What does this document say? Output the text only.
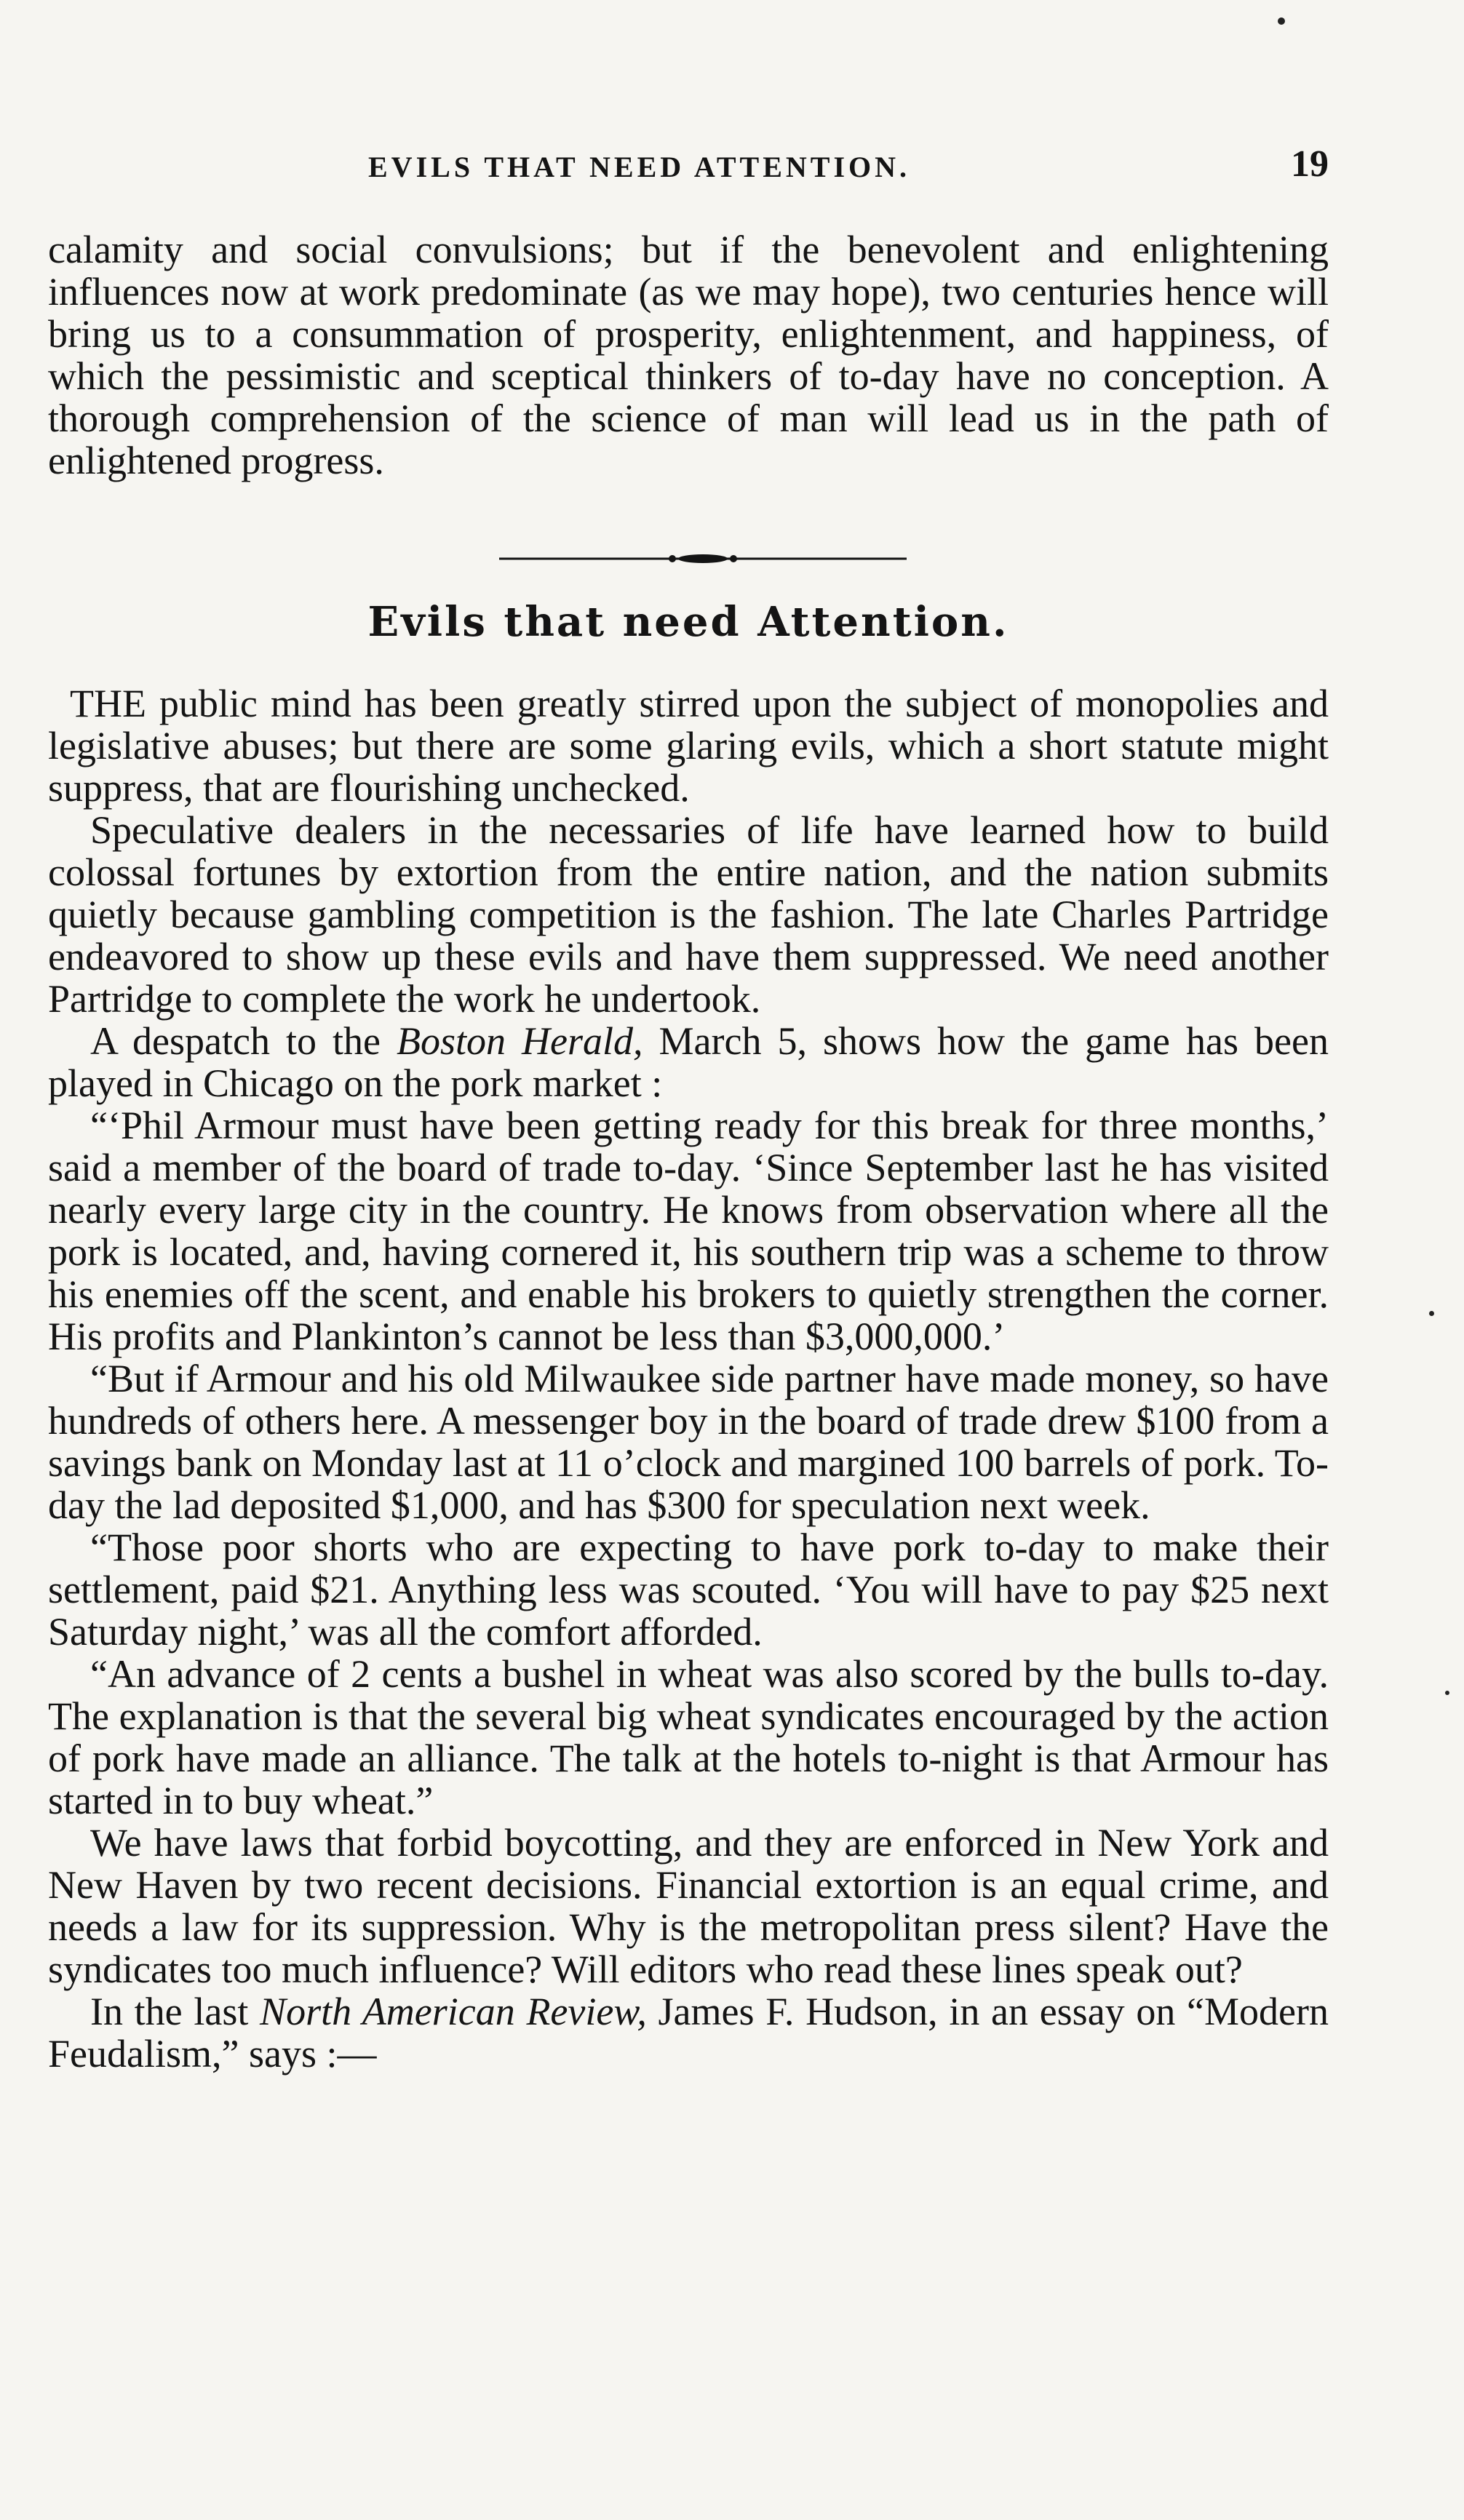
EVILS THAT NEED ATTENTION.	19

calamity and social convulsions; but if the benevolent and enlightening influences now at work predominate (as we may hope), two centuries hence will bring us to a consummation of prosperity, enlightenment, and happiness, of which the pessimistic and sceptical thinkers of to-day have no conception. A thorough comprehension of the science of man will lead us in the path of enlightened progress.

Evils that need Attention.

THE public mind has been greatly stirred upon the subject of monopolies and legislative abuses; but there are some glaring evils, which a short statute might suppress, that are flourishing unchecked.

Speculative dealers in the necessaries of life have learned how to build colossal fortunes by extortion from the entire nation, and the nation submits quietly because gambling competition is the fashion. The late Charles Partridge endeavored to show up these evils and have them suppressed. We need another Partridge to complete the work he undertook.

A despatch to the Boston Herald, March 5, shows how the game has been played in Chicago on the pork market :

“‘Phil Armour must have been getting ready for this break for three months,’ said a member of the board of trade to-day. ‘Since September last he has visited nearly every large city in the country. He knows from observation where all the pork is located, and, having cornered it, his southern trip was a scheme to throw his enemies off the scent, and enable his brokers to quietly strengthen the corner. His profits and Plankinton’s cannot be less than $3,000,000.’

“But if Armour and his old Milwaukee side partner have made money, so have hundreds of others here. A messenger boy in the board of trade drew $100 from a savings bank on Monday last at 11 o’clock and margined 100 barrels of pork. To-day the lad deposited $1,000, and has $300 for speculation next week.

“Those poor shorts who are expecting to have pork to-day to make their settlement, paid $21. Anything less was scouted. ‘You will have to pay $25 next Saturday night,’ was all the comfort afforded.

“An advance of 2 cents a bushel in wheat was also scored by the bulls to-day. The explanation is that the several big wheat syndicates encouraged by the action of pork have made an alliance. The talk at the hotels to-night is that Armour has started in to buy wheat.”

We have laws that forbid boycotting, and they are enforced in New York and New Haven by two recent decisions. Financial extortion is an equal crime, and needs a law for its suppression. Why is the metropolitan press silent? Have the syndicates too much influence? Will editors who read these lines speak out?

In the last North American Review, James F. Hudson, in an essay on “Modern Feudalism,” says :—
